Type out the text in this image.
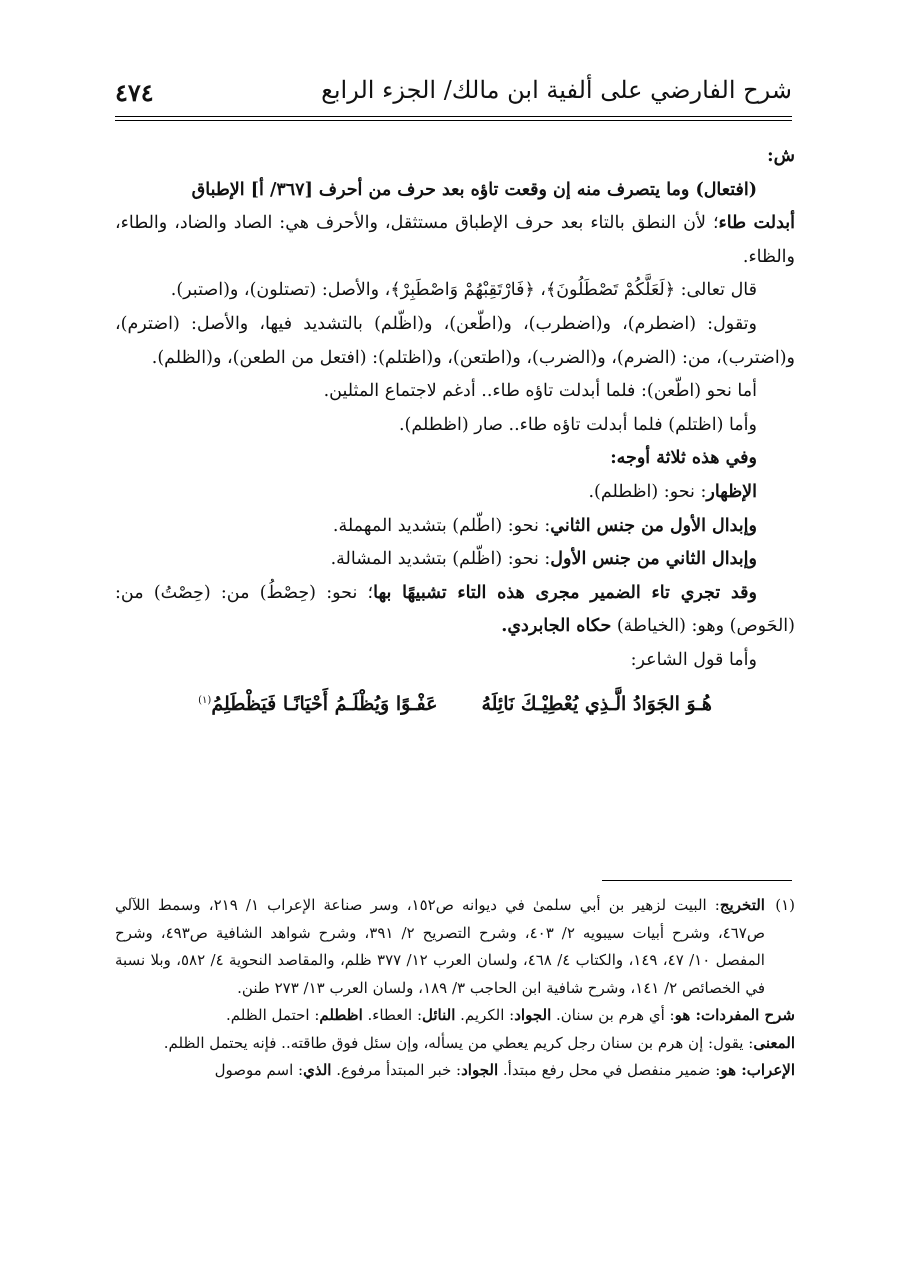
شرح الفارضي على ألفية ابن مالك/ الجزء الرابع
٤٧٤

ش:

(افتعال) وما يتصرف منه إن وقعت تاؤه بعد حرف من أحرف [٣٦٧/ أ] الإطباق
أبدلت طاء؛ لأن النطق بالتاء بعد حرف الإطباق مستثقل، والأحرف هي: الصاد والضاد، والطاء، والظاء.

قال تعالى: ﴿لَعَلَّكُمْ تَصْطَلُونَ﴾، ﴿فَارْتَقِبْهُمْ وَاصْطَبِرْ﴾، والأصل: (تصتلون)، و(اصتبر).

وتقول: (اضطرم)، و(اضطرب)، و(اطّعن)، و(اظّلم) بالتشديد فيها، والأصل: (اضترم)، و(اضترب)، من: (الضرم)، و(الضرب)، و(اطتعن)، و(اظتلم): (افتعل من الطعن)، و(الظلم).

أما نحو (اطّعن): فلما أبدلت تاؤه طاء.. أدغم لاجتماع المثلين.

وأما (اظتلم) فلما أبدلت تاؤه طاء.. صار (اظطلم).

وفي هذه ثلاثة أوجه:

الإظهار: نحو: (اظطلم).

وإبدال الأول من جنس الثاني: نحو: (اطّلم) بتشديد المهملة.

وإبدال الثاني من جنس الأول: نحو: (اظّلم) بتشديد المشالة.

وقد تجري تاء الضمير مجرى هذه التاء تشبيهًا بها؛ نحو: (حِصْطُ) من: (حِصْتُ) من: (الحَوص) وهو: (الخياطة) حكاه الجابردي.

وأما قول الشاعر:

هُـوَ الجَوَادُ الَّـذِي يُعْطِيْـكَ نَائِلَهُعَفْـوًا وَيُظْلَـمُ أَحْيَانًـا فَيَظْطَلِمُ$^{(١)}$

(١)
التخريج: البيت لزهير بن أبي سلمىٰ في ديوانه ص١٥٢، وسر صناعة الإعراب ١/ ٢١٩، وسمط اللآلي ص٤٦٧، وشرح أبيات سيبويه ٢/ ٤٠٣، وشرح التصريح ٢/ ٣٩١، وشرح شواهد الشافية ص٤٩٣، وشرح المفصل ١٠/ ٤٧، ١٤٩، والكتاب ٤/ ٤٦٨، ولسان العرب ١٢/ ٣٧٧ ظلم، والمقاصد النحوية ٤/ ٥٨٢، وبلا نسبة في الخصائص ٢/ ١٤١، وشرح شافية ابن الحاجب ٣/ ١٨٩، ولسان العرب ١٣/ ٢٧٣ طنن.

شرح المفردات: هو: أي هرم بن سنان. الجواد: الكريم. النائل: العطاء. اظطلم: احتمل الظلم.

المعنى: يقول: إن هرم بن سنان رجل كريم يعطي من يسأله، وإن سئل فوق طاقته.. فإنه يحتمل الظلم.

الإعراب: هو: ضمير منفصل في محل رفع مبتدأ. الجواد: خبر المبتدأ مرفوع. الذي: اسم موصول
